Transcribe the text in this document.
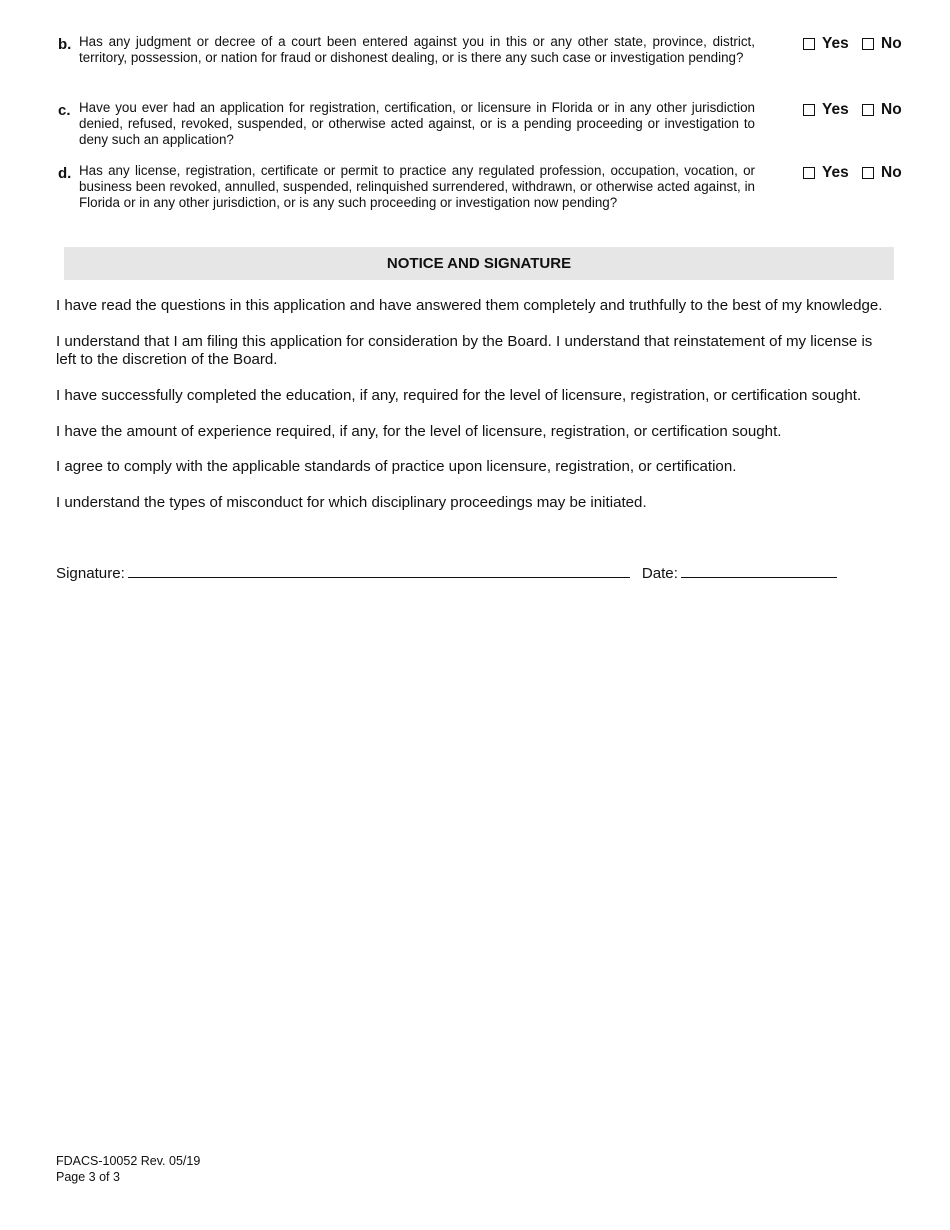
b. Has any judgment or decree of a court been entered against you in this or any other state, province, district, territory, possession, or nation for fraud or dishonest dealing, or is there any such case or investigation pending?
Yes
No
c. Have you ever had an application for registration, certification, or licensure in Florida or in any other jurisdiction denied, refused, revoked, suspended, or otherwise acted against, or is a pending proceeding or investigation to deny such an application?
Yes
No
d. Has any license, registration, certificate or permit to practice any regulated profession, occupation, vocation, or business been revoked, annulled, suspended, relinquished surrendered, withdrawn, or otherwise acted against, in Florida or in any other jurisdiction, or is any such proceeding or investigation now pending?
Yes
No
NOTICE AND SIGNATURE

I have read the questions in this application and have answered them completely and truthfully to the best of my knowledge.

I understand that I am filing this application for consideration by the Board. I understand that reinstatement of my license is left to the discretion of the Board.

I have successfully completed the education, if any, required for the level of licensure, registration, or certification sought.

I have the amount of experience required, if any, for the level of licensure, registration, or certification sought.

I agree to comply with the applicable standards of practice upon licensure, registration, or certification.

I understand the types of misconduct for which disciplinary proceedings may be initiated.

Signature:	Date:
FDACS-10052 Rev. 05/19
Page 3 of 3
